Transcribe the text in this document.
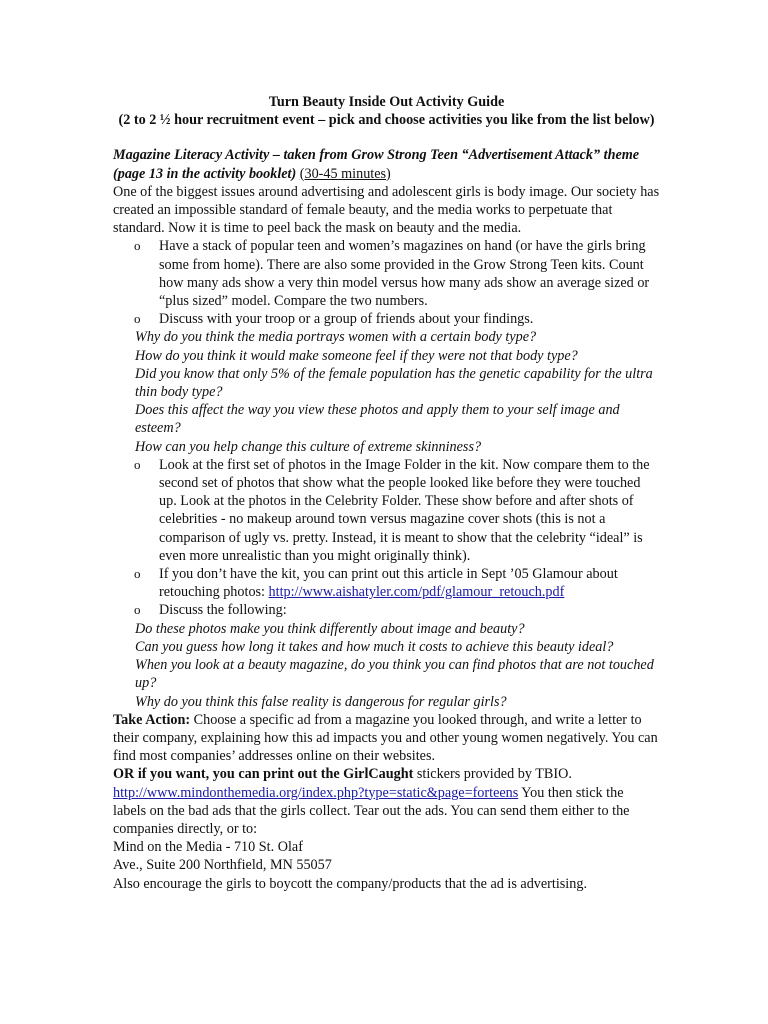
Turn Beauty Inside Out Activity Guide

(2 to 2 ½ hour recruitment event – pick and choose activities you like from the list below)

Magazine Literacy Activity – taken from Grow Strong Teen “Advertisement Attack” theme (page 13 in the activity booklet) (30-45 minutes)

One of the biggest issues around advertising and adolescent girls is body image. Our society has created an impossible standard of female beauty, and the media works to perpetuate that standard. Now it is time to peel back the mask on beauty and the media.

o	Have a stack of popular teen and women’s magazines on hand (or have the girls bring some from home). There are also some provided in the Grow Strong Teen kits. Count how many ads show a very thin model versus how many ads show an average sized or “plus sized” model. Compare the two numbers.
o	Discuss with your troop or a group of friends about your findings.

Why do you think the media portrays women with a certain body type?

How do you think it would make someone feel if they were not that body type?

Did you know that only 5% of the female population has the genetic capability for the ultra thin body type?

Does this affect the way you view these photos and apply them to your self image and esteem?

How can you help change this culture of extreme skinniness?

o	Look at the first set of photos in the Image Folder in the kit. Now compare them to the second set of photos that show what the people looked like before they were touched up. Look at the photos in the Celebrity Folder. These show before and after shots of celebrities - no makeup around town versus magazine cover shots (this is not a comparison of ugly vs. pretty. Instead, it is meant to show that the celebrity “ideal” is even more unrealistic than you might originally think).
o	If you don’t have the kit, you can print out this article in Sept ’05 Glamour about retouching photos: http://www.aishatyler.com/pdf/glamour_retouch.pdf
o	Discuss the following:

Do these photos make you think differently about image and beauty?

Can you guess how long it takes and how much it costs to achieve this beauty ideal?

When you look at a beauty magazine, do you think you can find photos that are not touched up?

Why do you think this false reality is dangerous for regular girls?

Take Action: Choose a specific ad from a magazine you looked through, and write a letter to their company, explaining how this ad impacts you and other young women negatively. You can find most companies’ addresses online on their websites.

OR if you want, you can print out the GirlCaught stickers provided by TBIO.

http://www.mindonthemedia.org/index.php?type=static&page=forteens You then stick the labels on the bad ads that the girls collect. Tear out the ads. You can send them either to the companies directly, or to:

Mind on the Media - 710 St. Olaf

Ave., Suite 200 Northfield, MN 55057

Also encourage the girls to boycott the company/products that the ad is advertising.
